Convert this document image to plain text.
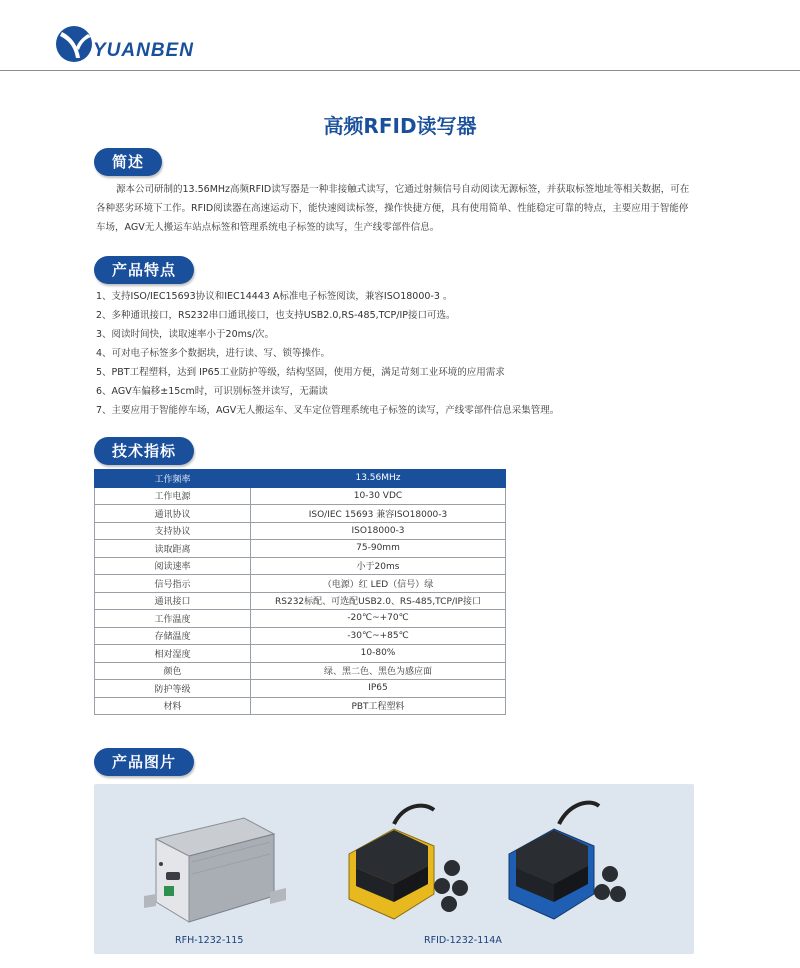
YUANBEN
高频RFID读写器
简述
源本公司研制的13.56MHz高频RFID读写器是一种非接触式读写，它通过射频信号自动阅读无源标签，并获取标签地址等相关数据，可在各种恶劣环境下工作。RFID阅读器在高速运动下，能快速阅读标签，操作快捷方便，具有使用简单、性能稳定可靠的特点，主要应用于智能停车场，AGV无人搬运车站点标签和管理系统电子标签的读写，生产线零部件信息。
产品特点
1、支持ISO/IEC15693协议和IEC14443 A标准电子标签阅读，兼容ISO18000-3 。
2、多种通讯接口，RS232串口通讯接口，也支持USB2.0,RS-485,TCP/IP接口可选。
3、阅读时间快，读取速率小于20ms/次。
4、可对电子标签多个数据块，进行读、写、锁等操作。
5、PBT工程塑料，达到 IP65工业防护等级，结构坚固，使用方便，满足苛刻工业环境的应用需求
6、AGV车偏移±15cm时，可识别标签并读写，无漏读
7、主要应用于智能停车场，AGV无人搬运车、叉车定位管理系统电子标签的读写，产线零部件信息采集管理。
技术指标
工作频率	13.56MHz
工作电源	10-30 VDC
通讯协议	ISO/IEC 15693 兼容ISO18000-3
支持协议	ISO18000-3
读取距离	75-90mm
阅读速率	小于20ms
信号指示	（电源）红 LED（信号）绿
通讯接口	RS232标配、可选配USB2.0、RS-485,TCP/IP接口
工作温度	-20℃~+70℃
存储温度	-30℃~+85℃
相对湿度	10-80%
颜色	绿、黑二色、黑色为感应面
防护等级	IP65
材料	PBT工程塑料
产品图片
RFH-1232-115	RFID-1232-114A
